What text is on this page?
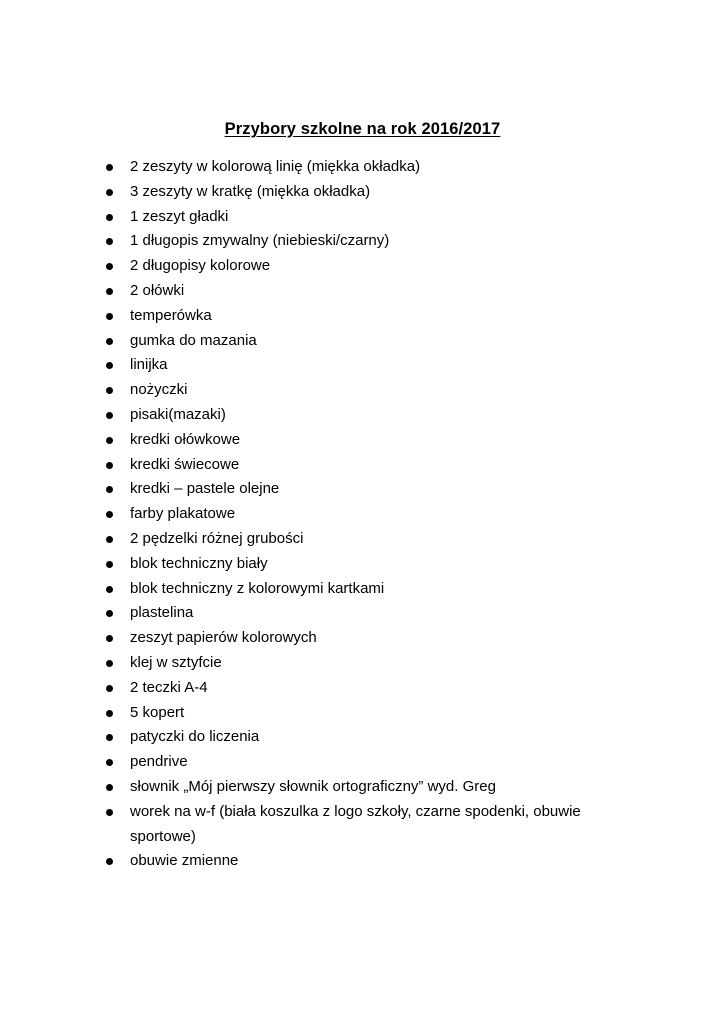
Przybory szkolne na rok 2016/2017
2 zeszyty w kolorową linię (miękka okładka)
3 zeszyty w kratkę (miękka okładka)
1 zeszyt gładki
1 długopis zmywalny (niebieski/czarny)
2 długopisy kolorowe
2 ołówki
temperówka
gumka do mazania
linijka
nożyczki
pisaki(mazaki)
kredki ołówkowe
kredki świecowe
kredki – pastele olejne
farby plakatowe
2 pędzelki różnej grubości
blok techniczny biały
blok techniczny z kolorowymi kartkami
plastelina
zeszyt papierów kolorowych
klej w sztyfcie
2 teczki A-4
5 kopert
patyczki do liczenia
pendrive
słownik „Mój pierwszy słownik ortograficzny” wyd. Greg
worek na w-f (biała koszulka z logo szkoły, czarne spodenki, obuwie sportowe)
obuwie zmienne
